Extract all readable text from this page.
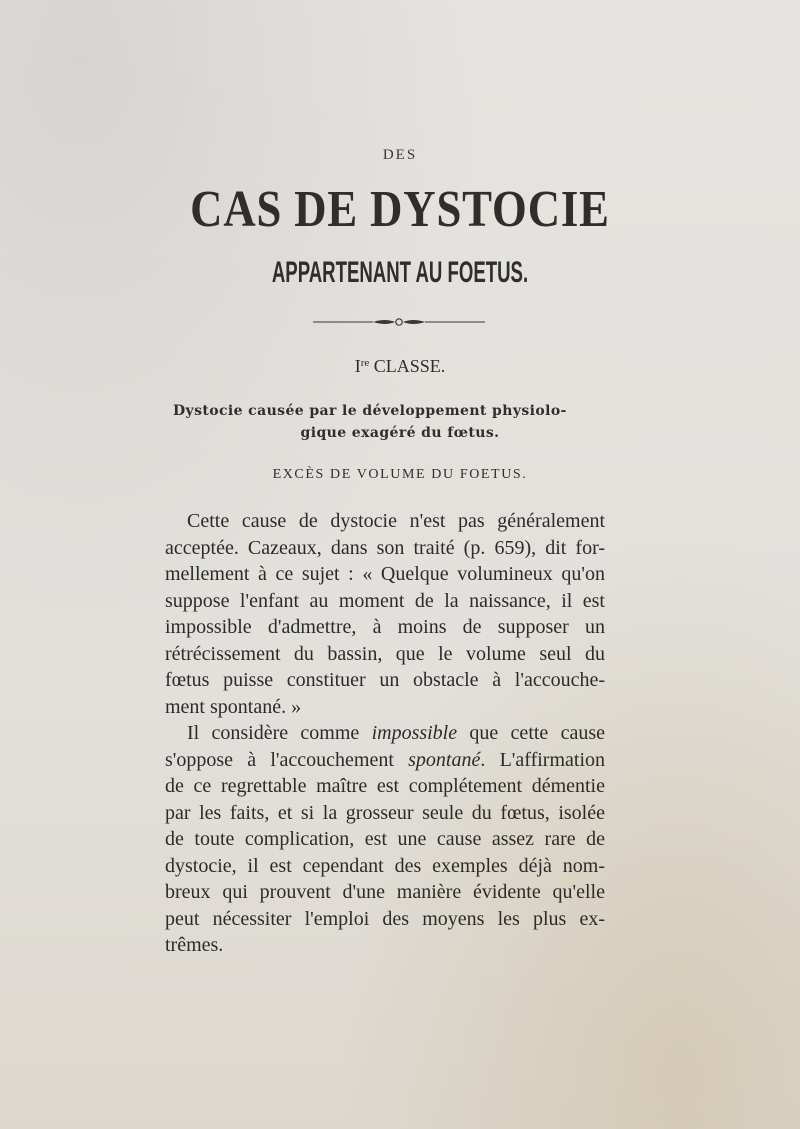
DES
CAS DE DYSTOCIE
APPARTENANT AU FOETUS.
Ire CLASSE.
Dystocie causée par le développement physiolo-
gique exagéré du fœtus.
EXCÈS DE VOLUME DU FOETUS.
Cette cause de dystocie n'est pas généralement
acceptée. Cazeaux, dans son traité (p. 659), dit for-
mellement à ce sujet : « Quelque volumineux qu'on
suppose l'enfant au moment de la naissance, il est
impossible d'admettre, à moins de supposer un
rétrécissement du bassin, que le volume seul du
fœtus puisse constituer un obstacle à l'accouche-
ment spontané. »
Il considère comme impossible que cette cause
s'oppose à l'accouchement spontané. L'affirmation
de ce regrettable maître est complétement démentie
par les faits, et si la grosseur seule du fœtus, isolée
de toute complication, est une cause assez rare de
dystocie, il est cependant des exemples déjà nom-
breux qui prouvent d'une manière évidente qu'elle
peut nécessiter l'emploi des moyens les plus ex-
trêmes.
